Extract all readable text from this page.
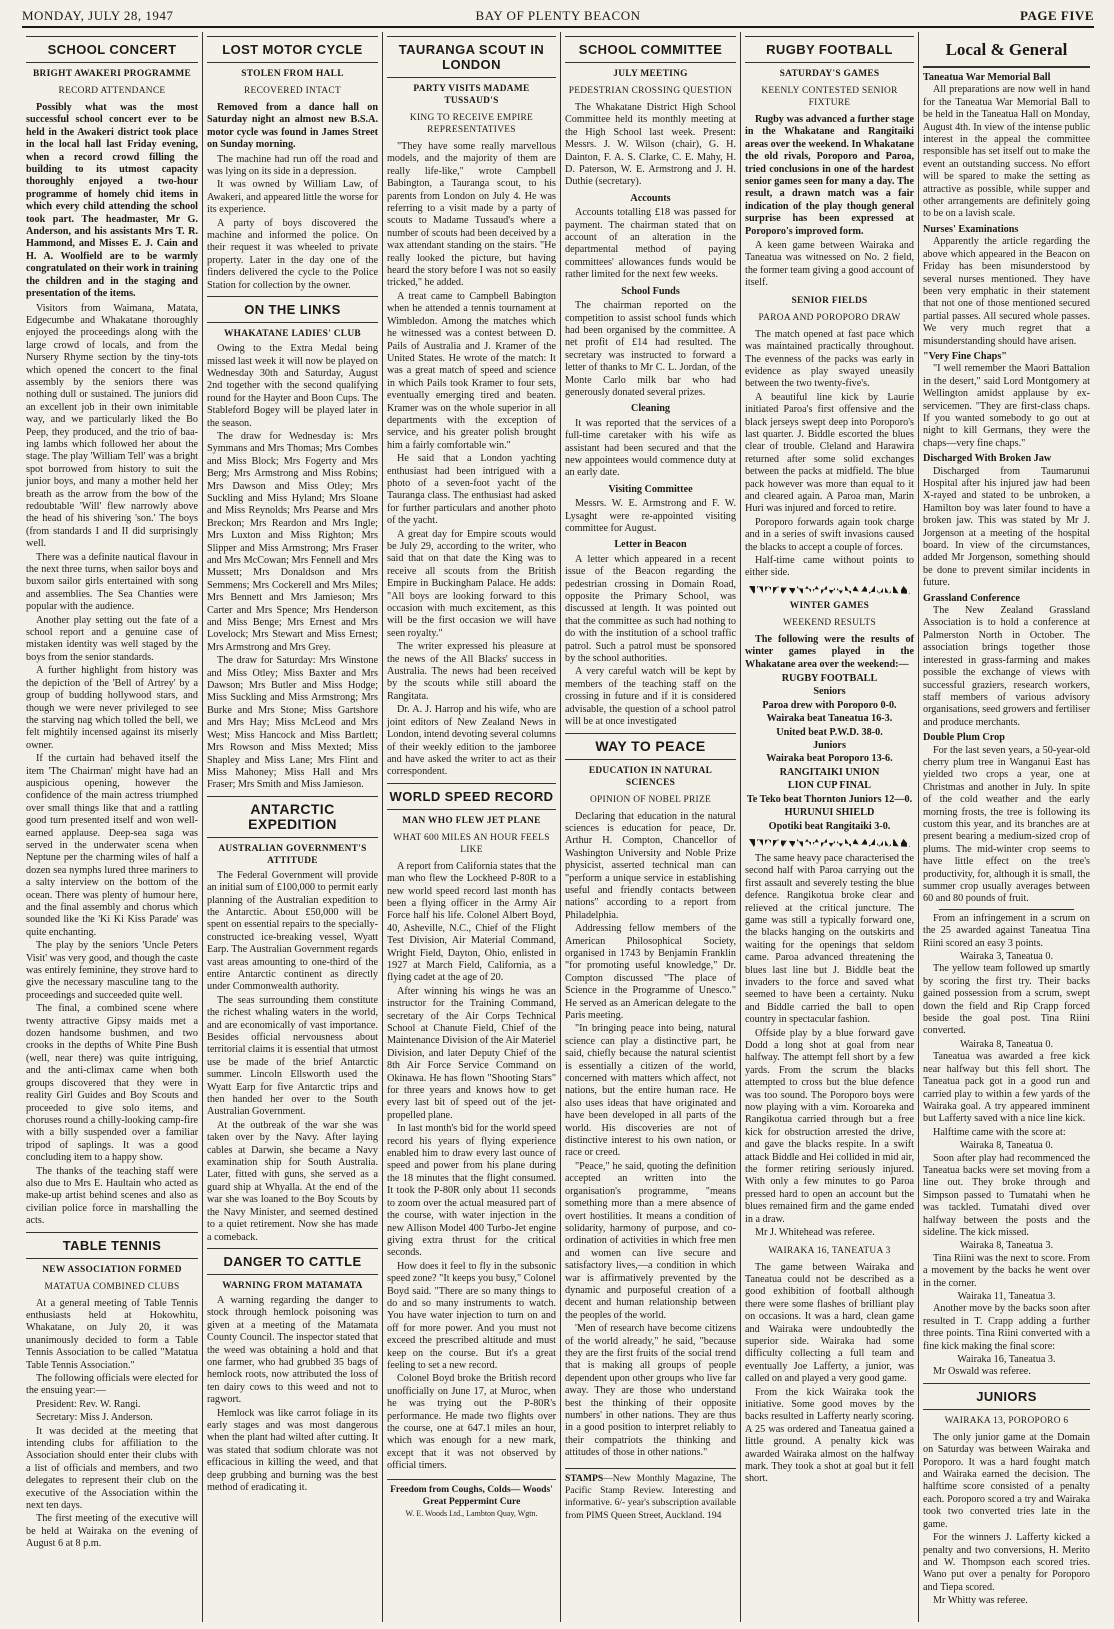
MONDAY, JULY 28, 1947	BAY OF PLENTY BEACON	PAGE FIVE
SCHOOL CONCERT
BRIGHT AWAKERI PROGRAMME
RECORD ATTENDANCE

Possibly what was the most successful school concert ever to be held in the Awakeri district took place in the local hall last Friday evening, when a record crowd filling the building to its utmost capacity thoroughly enjoyed a two-hour programme of homely chid items in which every child attending the school took part. The headmaster, Mr G. Anderson, and his assistants Mrs T. R. Hammond, and Misses E. J. Cain and H. A. Woolfield are to be warmly congratulated on their work in training the children and in the staging and presentation of the items.

Visitors from Waimana, Matata, Edgecumbe and Whakatane thoroughly enjoyed the proceedings along with the large crowd of locals, and from the Nursery Rhyme section by the tiny-tots which opened the concert to the final assembly by the seniors there was nothing dull or sustained. The juniors did an excellent job in their own inimitable way, and we particularly liked the Bo Peep, they produced, and the trio of baa-ing lambs which followed her about the stage. The play 'William Tell' was a bright spot borrowed from history to suit the junior boys, and many a mother held her breath as the arrow from the bow of the redoubtable 'Will' flew narrowly above the head of his shivering 'son.' The boys (from standards I and II did surprisingly well.

There was a definite nautical flavour in the next three turns, when sailor boys and buxom sailor girls entertained with song and assemblies. The Sea Chanties were popular with the audience.

Another play setting out the fate of a school report and a genuine case of mistaken identity was well staged by the boys from the senior standards.

A further highlight from history was the depiction of the 'Bell of Artrey' by a group of budding hollywood stars, and though we were never privileged to see the starving nag which tolled the bell, we felt mightily incensed against its miserly owner.

If the curtain had behaved itself the item 'The Chairman' might have had an auspicious opening, however the confidence of the main actress triumphed over small things like that and a rattling good turn presented itself and won well-earned applause. Deep-sea saga was served in the underwater scena when Neptune per the charming wiles of half a dozen sea nymphs lured three mariners to a salty interview on the bottom of the ocean. There was plenty of humour here, and the final assembly and chorus which sounded like the 'Ki Ki Kiss Parade' was quite enchanting.

The play by the seniors 'Uncle Peters Visit' was very good, and though the caste was entirely feminine, they strove hard to give the necessary masculine tang to the proceedings and succeeded quite well.

The final, a combined scene where twenty attractive Gipsy maids met a dozen handsome bushmen, and two crooks in the depths of White Pine Bush (well, near there) was quite intriguing, and the anti-climax came when both groups discovered that they were in reality Girl Guides and Boy Scouts and proceeded to give solo items, and choruses round a chilly-looking camp-fire with a billy suspended over a familiar tripod of saplings. It was a good concluding item to a happy show.

The thanks of the teaching staff were also due to Mrs E. Haultain who acted as make-up artist behind scenes and also as civilian police force in marshalling the acts.

TABLE TENNIS
NEW ASSOCIATION FORMED
MATATUA COMBINED CLUBS

At a general meeting of Table Tennis enthusiasts held at Hokowhitu, Whakatane, on July 20, it was unanimously decided to form a Table Tennis Association to be called "Matatua Table Tennis Association."

The following officials were elected for the ensuing year:—

President: Rev. W. Rangi.

Secretary: Miss J. Anderson.

It was decided at the meeting that intending clubs for affiliation to the Association should enter their clubs with a list of officials and members, and two delegates to represent their club on the executive of the Association within the next ten days.

The first meeting of the executive will be held at Wairaka on the evening of August 6 at 8 p.m.

LOST MOTOR CYCLE
STOLEN FROM HALL
RECOVERED INTACT

Removed from a dance hall on Saturday night an almost new B.S.A. motor cycle was found in James Street on Sunday morning.

The machine had run off the road and was lying on its side in a depression.

It was owned by William Law, of Awakeri, and appeared little the worse for its experience.

A party of boys discovered the machine and informed the police. On their request it was wheeled to private property. Later in the day one of the finders delivered the cycle to the Police Station for collection by the owner.

ON THE LINKS
WHAKATANE LADIES' CLUB

Owing to the Extra Medal being missed last week it will now be played on Wednesday 30th and Saturday, August 2nd together with the second qualifying round for the Hayter and Boon Cups. The Stableford Bogey will be played later in the season.

The draw for Wednesday is: Mrs Symmans and Mrs Thomas; Mrs Combes and Miss Block; Mrs Fogerty and Mrs Berg; Mrs Armstrong and Miss Robins; Mrs Dawson and Miss Otley; Mrs Suckling and Miss Hyland; Mrs Sloane and Miss Reynolds; Mrs Pearse and Mrs Breckon; Mrs Reardon and Mrs Ingle; Mrs Luxton and Miss Righton; Mrs Slipper and Miss Armstrong; Mrs Fraser and Mrs McCowan; Mrs Fennell and Mrs Mussett; Mrs Donaldson and Mrs Semmens; Mrs Cockerell and Mrs Miles; Mrs Bennett and Mrs Jamieson; Mrs Carter and Mrs Spence; Mrs Henderson and Miss Benge; Mrs Ernest and Mrs Lovelock; Mrs Stewart and Miss Ernest; Mrs Armstrong and Mrs Grey.

The draw for Saturday: Mrs Winstone and Miss Otley; Miss Baxter and Mrs Dawson; Mrs Butler and Miss Hodge; Miss Suckling and Miss Armstrong; Mrs Burke and Mrs Stone; Miss Gartshore and Mrs Hay; Miss McLeod and Mrs West; Miss Hancock and Miss Bartlett; Mrs Rowson and Miss Mexted; Miss Shapley and Miss Lane; Mrs Flint and Miss Mahoney; Miss Hall and Mrs Fraser; Mrs Smith and Miss Jamieson.

ANTARCTIC EXPEDITION
AUSTRALIAN GOVERNMENT'S ATTITUDE

The Federal Government will provide an initial sum of £100,000 to permit early planning of the Australian expedition to the Antarctic. About £50,000 will be spent on essential repairs to the specially-constructed ice-breaking vessel, Wyatt Earp. The Australian Government regards vast areas amounting to one-third of the entire Antarctic continent as directly under Commonwealth authority.

The seas surrounding them constitute the richest whaling waters in the world, and are economically of vast importance. Besides official nervousness about territorial claims it is essential that utmost use be made of the brief Antarctic summer. Lincoln Ellsworth used the Wyatt Earp for five Antarctic trips and then handed her over to the South Australian Government.

At the outbreak of the war she was taken over by the Navy. After laying cables at Darwin, she became a Navy examination ship for South Australia. Later, fitted with guns, she served as a guard ship at Whyalla. At the end of the war she was loaned to the Boy Scouts by the Navy Minister, and seemed destined to a quiet retirement. Now she has made a comeback.

DANGER TO CATTLE
WARNING FROM MATAMATA

A warning regarding the danger to stock through hemlock poisoning was given at a meeting of the Matamata County Council. The inspector stated that the weed was obtaining a hold and that one farmer, who had grubbed 35 bags of hemlock roots, now attributed the loss of ten dairy cows to this weed and not to ragwort.

Hemlock was like carrot foliage in its early stages and was most dangerous when the plant had wilted after cutting. It was stated that sodium chlorate was not efficacious in killing the weed, and that deep grubbing and burning was the best method of eradicating it.

TAURANGA SCOUT IN LONDON
PARTY VISITS MADAME TUSSAUD'S
KING TO RECEIVE EMPIRE REPRESENTATIVES

"They have some really marvellous models, and the majority of them are really life-like," wrote Campbell Babington, a Tauranga scout, to his parents from London on July 4. He was referring to a visit made by a party of scouts to Madame Tussaud's where a number of scouts had been deceived by a wax attendant standing on the stairs. "He really looked the picture, but having heard the story before I was not so easily tricked," he added.

A treat came to Campbell Babington when he attended a tennis tournament at Wimbledon. Among the matches which he witnessed was a contest between D. Pails of Australia and J. Kramer of the United States. He wrote of the match: It was a great match of speed and science in which Pails took Kramer to four sets, eventually emerging tired and beaten. Kramer was on the whole superior in all departments with the exception of service, and his greater polish brought him a fairly comfortable win."

He said that a London yachting enthusiast had been intrigued with a photo of a seven-foot yacht of the Tauranga class. The enthusiast had asked for further particulars and another photo of the yacht.

A great day for Empire scouts would be July 29, according to the writer, who said that on that date the King was to receive all scouts from the British Empire in Buckingham Palace. He adds: "All boys are looking forward to this occasion with much excitement, as this will be the first occasion we will have seen royalty."

The writer expressed his pleasure at the news of the All Blacks' success in Australia. The news had been received by the scouts while still aboard the Rangitata.

Dr. A. J. Harrop and his wife, who are joint editors of New Zealand News in London, intend devoting several columns of their weekly edition to the jamboree and have asked the writer to act as their correspondent.

WORLD SPEED RECORD
MAN WHO FLEW JET PLANE
WHAT 600 MILES AN HOUR FEELS LIKE

A report from California states that the man who flew the Lockheed P-80R to a new world speed record last month has been a flying officer in the Army Air Force half his life. Colonel Albert Boyd, 40, Asheville, N.C., Chief of the Flight Test Division, Air Material Command, Wright Field, Dayton, Ohio, enlisted in 1927 at March Field, California, as a flying cadet at the age of 20.

After winning his wings he was an instructor for the Training Command, secretary of the Air Corps Technical School at Chanute Field, Chief of the Maintenance Division of the Air Materiel Division, and later Deputy Chief of the 8th Air Force Service Command on Okinawa. He has flown "Shooting Stars" for three years and knows how to get every last bit of speed out of the jet-propelled plane.

In last month's bid for the world speed record his years of flying experience enabled him to draw every last ounce of speed and power from his plane during the 18 minutes that the flight consumed. It took the P-80R only about 11 seconds to zoom over the actual measured part of the course, with water injection in the new Allison Model 400 Turbo-Jet engine giving extra thrust for the critical seconds.

How does it feel to fly in the subsonic speed zone? "It keeps you busy," Colonel Boyd said. "There are so many things to do and so many instruments to watch. You have water injection to turn on and off for more power. And you must not exceed the prescribed altitude and must keep on the course. But it's a great feeling to set a new record.

Colonel Boyd broke the British record unofficially on June 17, at Muroc, when he was trying out the P-80R's performance. He made two flights over the course, one at 647.1 miles an hour, which was enough for a new mark, except that it was not observed by official timers.

Freedom from Coughs, Colds— Woods' Great Peppermint Cure
W. E. Woods Ltd., Lambton Quay, Wgtn.
SCHOOL COMMITTEE
JULY MEETING
PEDESTRIAN CROSSING QUESTION

The Whakatane District High School Committee held its monthly meeting at the High School last week. Present: Messrs. J. W. Wilson (chair), G. H. Dainton, F. A. S. Clarke, C. E. Mahy, H. D. Paterson, W. E. Armstrong and J. H. Duthie (secretary).

Accounts

Accounts totalling £18 was passed for payment. The chairman stated that on account of an alteration in the departmental method of paying committees' allowances funds would be rather limited for the next few weeks.

School Funds

The chairman reported on the competition to assist school funds which had been organised by the committee. A net profit of £14 had resulted. The secretary was instructed to forward a letter of thanks to Mr C. L. Jordan, of the Monte Carlo milk bar who had generously donated several prizes.

Cleaning

It was reported that the services of a full-time caretaker with his wife as assistant had been secured and that the new appointees would commence duty at an early date.

Visiting Committee

Messrs. W. E. Armstrong and F. W. Lysaght were re-appointed visiting committee for August.

Letter in Beacon

A letter which appeared in a recent issue of the Beacon regarding the pedestrian crossing in Domain Road, opposite the Primary School, was discussed at length. It was pointed out that the committee as such had nothing to do with the institution of a school traffic patrol. Such a patrol must be sponsored by the school authorities.

A very careful watch will be kept by members of the teaching staff on the crossing in future and if it is considered advisable, the question of a school patrol will be at once investigated

WAY TO PEACE
EDUCATION IN NATURAL SCIENCES
OPINION OF NOBEL PRIZE

Declaring that education in the natural sciences is education for peace, Dr. Arthur H. Compton, Chancellor of Washington University and Noble Prize physicist, asserted technical man can "perform a unique service in establishing useful and friendly contacts between nations" according to a report from Philadelphia.

Addressing fellow members of the American Philosophical Society, organised in 1743 by Benjamin Franklin "for promoting useful knowledge," Dr. Compton discussed "The place of Science in the Programme of Unesco." He served as an American delegate to the Paris meeting.

"In bringing peace into being, natural science can play a distinctive part, he said, chiefly because the natural scientist is essentially a citizen of the world, concerned with matters which affect, not nations, but the entire human race. He also uses ideas that have originated and have been developed in all parts of the world. His discoveries are not of distinctive interest to his own nation, or race or creed.

"Peace," he said, quoting the definition accepted an written into the organisation's programme, "means something more than a mere absence of overt hostilities. It means a condition of solidarity, harmony of purpose, and co-ordination of activities in which free men and women can live secure and satisfactory lives,—a condition in which war is affirmatively prevented by the dynamic and purposeful creation of a decent and human relationship between the peoples of the world.

'Men of research have become citizens of the world already," he said, "because they are the first fruits of the social trend that is making all groups of people dependent upon other groups who live far away. They are those who understand best the thinking of their opposite numbers' in other nations. They are thus in a good position to interpret reliably to their compatriots the thinking and attitudes of those in other nations."

STAMPS—New Monthly Magazine, The Pacific Stamp Review. Interesting and informative. 6/- year's subscription available from PIMS Queen Street, Auckland. 194
RUGBY FOOTBALL
SATURDAY'S GAMES
KEENLY CONTESTED SENIOR FIXTURE

Rugby was advanced a further stage in the Whakatane and Rangitaiki areas over the weekend. In Whakatane the old rivals, Poroporo and Paroa, tried conclusions in one of the hardest senior games seen for many a day. The result, a drawn match was a fair indication of the play though general surprise has been expressed at Poroporo's improved form.

A keen game between Wairaka and Taneatua was witnessed on No. 2 field, the former team giving a good account of itself.

SENIOR FIELDS
PAROA AND POROPORO DRAW

The match opened at fast pace which was maintained practically throughout. The evenness of the packs was early in evidence as play swayed uneasily between the two twenty-five's.

A beautiful line kick by Laurie initiated Paroa's first offensive and the black jerseys swept deep into Poroporo's last quarter. J. Biddle escorted the blues clear of trouble. Cleland and Harawira returned after some solid exchanges between the packs at midfield. The blue pack however was more than equal to it and cleared again. A Paroa man, Marin Huri was injured and forced to retire.

Poroporo forwards again took charge and in a series of swift invasions caused the blacks to accept a couple of forces.

Half-time came without points to either side.

WINTER GAMES
WEEKEND RESULTS

The following were the results of winter games played in the Whakatane area over the weekend:—

RUGBY FOOTBALL
Seniors
Paroa drew with Poroporo 0-0.
Wairaka beat Taneatua 16-3.
United beat P.W.D. 38-0.
Juniors
Wairaka beat Poroporo 13-6.
RANGITAIKI UNION
LION CUP FINAL
Te Teko beat Thornton Juniors 12—0.
HURUNUI SHIELD
Opotiki beat Rangitaiki 3-0.

The same heavy pace characterised the second half with Paroa carrying out the first assault and severely testing the blue defence. Rangikotua broke clear and relieved at the critical juncture. The game was still a typically forward one, the blacks hanging on the outskirts and waiting for the openings that seldom came. Paroa advanced threatening the blues last line but J. Biddle beat the invaders to the force and saved what seemed to have been a certainty. Nuku and Biddle carried the ball to open country in spectacular fashion.

Offside play by a blue forward gave Dodd a long shot at goal from near halfway. The attempt fell short by a few yards. From the scrum the blacks attempted to cross but the blue defence was too sound. The Poroporo boys were now playing with a vim. Koroareka and Rangikotua carried through but a free kick for obstruction arrested the drive, and gave the blacks respite. In a swift attack Biddle and Hei collided in mid air, the former retiring seriously injured. With only a few minutes to go Paroa pressed hard to open an account but the blues remained firm and the game ended in a draw.

Mr J. Whitehead was referee.

WAIRAKA 16, TANEATUA 3

The game between Wairaka and Taneatua could not be described as a good exhibition of football although there were some flashes of brilliant play on occasions. It was a hard, clean game and Wairaka were undoubtedly the superior side. Wairaka had some difficulty collecting a full team and eventually Joe Lafferty, a junior, was called on and played a very good game.

From the kick Wairaka took the initiative. Some good moves by the backs resulted in Lafferty nearly scoring. A 25 was ordered and Taneatua gained a little ground. A penalty kick was awarded Wairaka almost on the halfway mark. They took a shot at goal but it fell short.

Local & General
Taneatua War Memorial Ball

All preparations are now well in hand for the Taneatua War Memorial Ball to be held in the Taneatua Hall on Monday, August 4th. In view of the intense public interest in the appeal the committee responsible has set itself out to make the event an outstanding success. No effort will be spared to make the setting as attractive as possible, while supper and other arrangements are definitely going to be on a lavish scale.

Nurses' Examinations

Apparently the article regarding the above which appeared in the Beacon on Friday has been misunderstood by several nurses mentioned. They have been very emphatic in their statement that not one of those mentioned secured partial passes. All secured whole passes. We very much regret that a misunderstanding should have arisen.

"Very Fine Chaps"

"I well remember the Maori Battalion in the desert," said Lord Montgomery at Wellington amidst applause by ex-servicemen. "They are first-class chaps. If you wanted somebody to go out at night to kill Germans, they were the chaps—very fine chaps."

Discharged With Broken Jaw

Discharged from Taumarunui Hospital after his injured jaw had been X-rayed and stated to be unbroken, a Hamilton boy was later found to have a broken jaw. This was stated by Mr J. Jorgenson at a meeting of the hospital board. In view of the circumstances, added Mr Jorgenson, something should be done to prevent similar incidents in future.

Grassland Conference

The New Zealand Grassland Association is to hold a conference at Palmerston North in October. The association brings together those interested in grass-farming and makes possible the exchange of views with successful graziers, research workers, staff members of various advisory organisations, seed growers and fertiliser and produce merchants.

Double Plum Crop

For the last seven years, a 50-year-old cherry plum tree in Wanganui East has yielded two crops a year, one at Christmas and another in July. In spite of the cold weather and the early morning frosts, the tree is following its custom this year, and its branches are at present bearing a medium-sized crop of plums. The mid-winter crop seems to have little effect on the tree's productivity, for, although it is small, the summer crop usually averages between 60 and 80 pounds of fruit.

From an infringement in a scrum on the 25 awarded against Taneatua Tina Riini scored an easy 3 points.

Wairaka 3, Taneatua 0.

The yellow team followed up smartly by scoring the first try. Their backs gained possession from a scrum, swept down the field and Rip Crapp forced beside the goal post. Tina Riini converted.

Wairaka 8, Taneatua 0.

Taneatua was awarded a free kick near halfway but this fell short. The Taneatua pack got in a good run and carried play to within a few yards of the Wairaka goal. A try appeared imminent but Lafferty saved with a nice line kick.

Halftime came with the score at:

Wairaka 8, Taneatua 0.

Soon after play had recommenced the Taneatua backs were set moving from a line out. They broke through and Simpson passed to Tumatahi when he was tackled. Tumatahi dived over halfway between the posts and the sideline. The kick missed.

Wairaka 8, Taneatua 3.

Tina Riini was the next to score. From a movement by the backs he went over in the corner.

Wairaka 11, Taneatua 3.

Another move by the backs soon after resulted in T. Crapp adding a further three points. Tina Riini converted with a fine kick making the final score:

Wairaka 16, Taneatua 3.

Mr Oswald was referee.

JUNIORS
WAIRAKA 13, POROPORO 6

The only junior game at the Domain on Saturday was between Wairaka and Poroporo. It was a hard fought match and Wairaka earned the decision. The halftime score consisted of a penalty each. Poroporo scored a try and Wairaka took two converted tries late in the game.

For the winners J. Lafferty kicked a penalty and two conversions, H. Merito and W. Thompson each scored tries. Wano put over a penalty for Poroporo and Tiepa scored.

Mr Whitty was referee.
